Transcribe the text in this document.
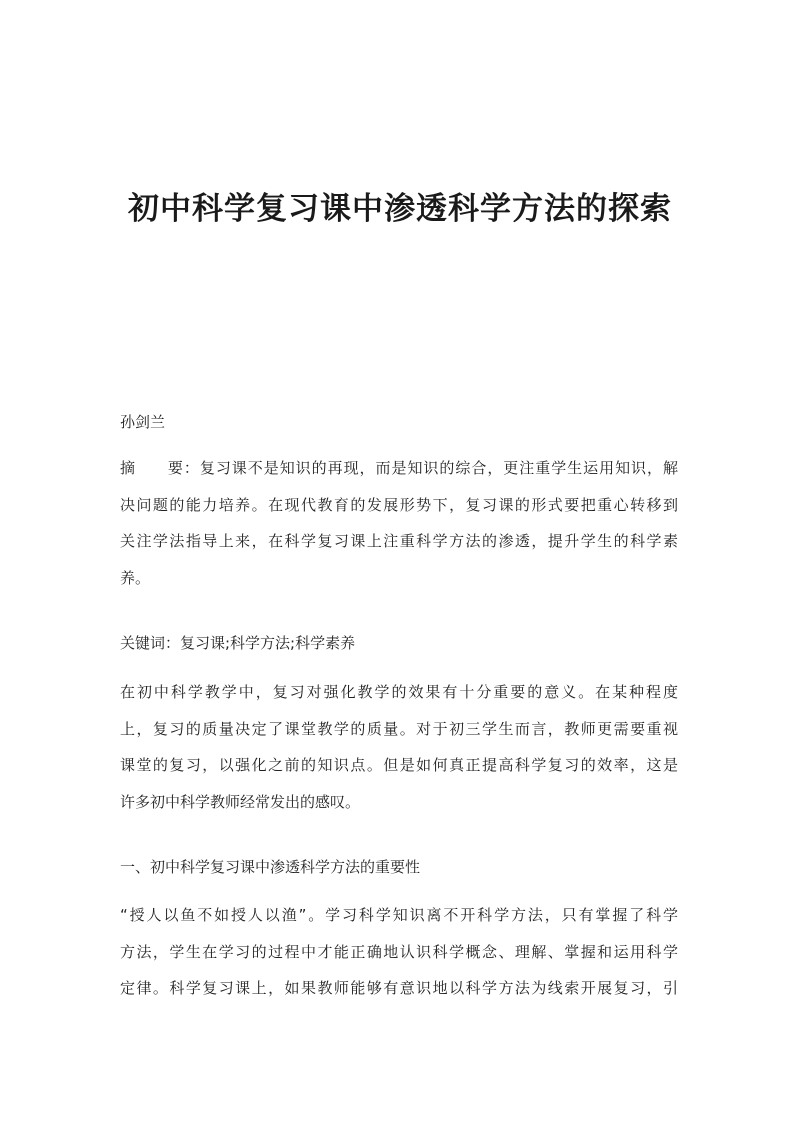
初中科学复习课中渗透科学方法的探索

孙剑兰

摘　　要：复习课不是知识的再现，而是知识的综合，更注重学生运用知识，解
决问题的能力培养。在现代教育的发展形势下，复习课的形式要把重心转移到
关注学法指导上来，在科学复习课上注重科学方法的渗透，提升学生的科学素
养。

关键词：复习课;科学方法;科学素养

在初中科学教学中，复习对强化教学的效果有十分重要的意义。在某种程度
上，复习的质量决定了课堂教学的质量。对于初三学生而言，教师更需要重视
课堂的复习，以强化之前的知识点。但是如何真正提高科学复习的效率，这是
许多初中科学教师经常发出的感叹。

一、初中科学复习课中渗透科学方法的重要性

“授人以鱼不如授人以渔”。学习科学知识离不开科学方法，只有掌握了科学
方法，学生在学习的过程中才能正确地认识科学概念、理解、掌握和运用科学
定律。科学复习课上，如果教师能够有意识地以科学方法为线索开展复习，引
